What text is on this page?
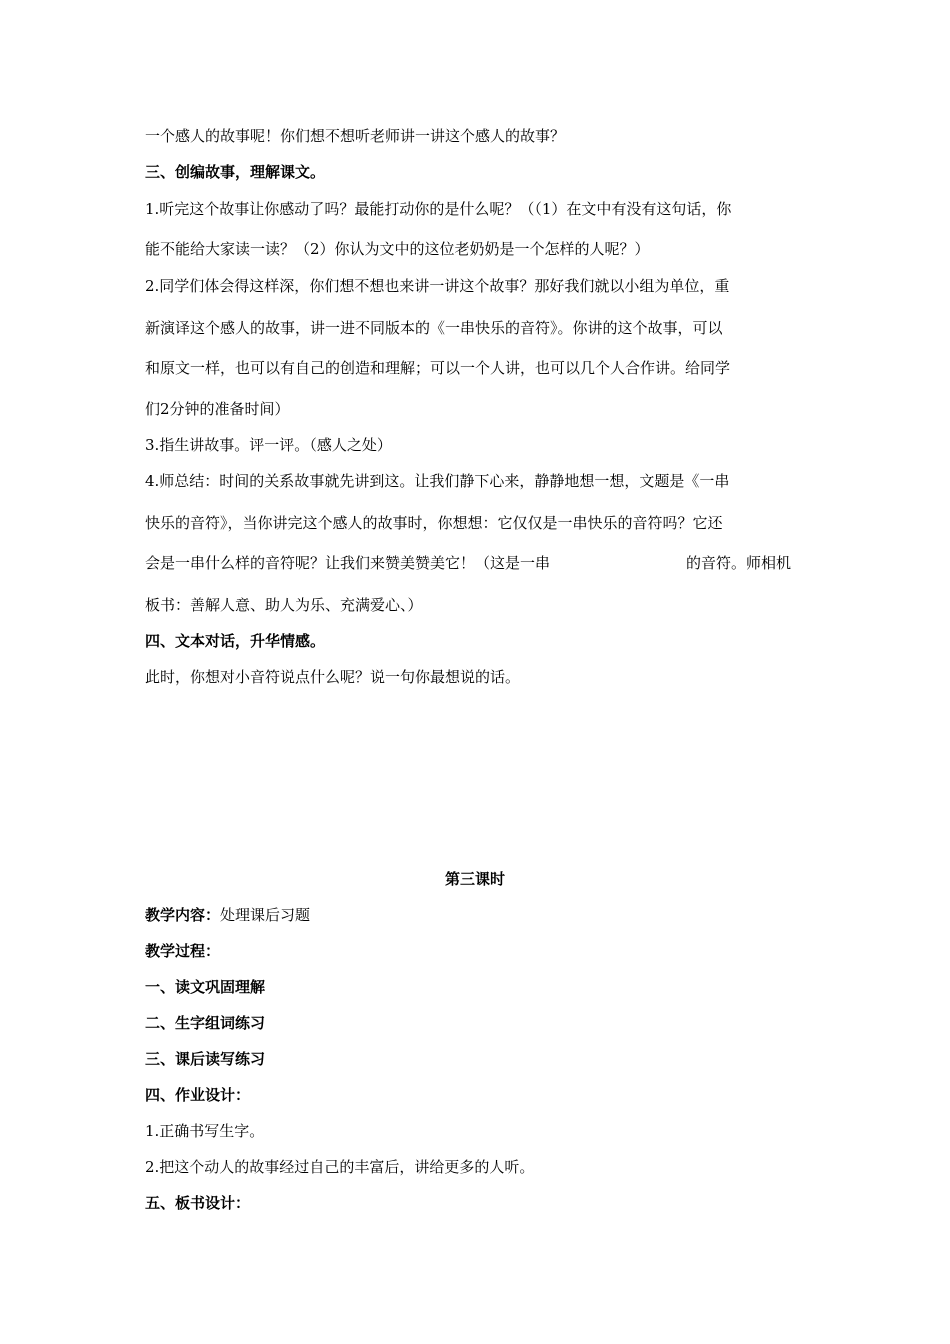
一个感人的故事呢！你们想不想听老师讲一讲这个感人的故事？
三、创编故事，理解课文。
1.听完这个故事让你感动了吗？最能打动你的是什么呢？（（1）在文中有没有这句话，你
能不能给大家读一读？（2）你认为文中的这位老奶奶是一个怎样的人呢？）
2.同学们体会得这样深，你们想不想也来讲一讲这个故事？那好我们就以小组为单位，重
新演译这个感人的故事，讲一进不同版本的《一串快乐的音符》。你讲的这个故事，可以
和原文一样，也可以有自己的创造和理解；可以一个人讲，也可以几个人合作讲。给同学
们2分钟的准备时间）
3.指生讲故事。评一评。（感人之处）
4.师总结：时间的关系故事就先讲到这。让我们静下心来，静静地想一想，文题是《一串
快乐的音符》，当你讲完这个感人的故事时，你想想：它仅仅是一串快乐的音符吗？它还
会是一串什么样的音符呢？让我们来赞美赞美它！（这是一串	的音符。师相机
板书：善解人意、助人为乐、充满爱心、）
四、文本对话，升华情感。
此时，你想对小音符说点什么呢？说一句你最想说的话。
第三课时
教学内容：处理课后习题
教学过程：
一、读文巩固理解
二、生字组词练习
三、课后读写练习
四、作业设计：
1.正确书写生字。
2.把这个动人的故事经过自己的丰富后，讲给更多的人听。
五、板书设计：
